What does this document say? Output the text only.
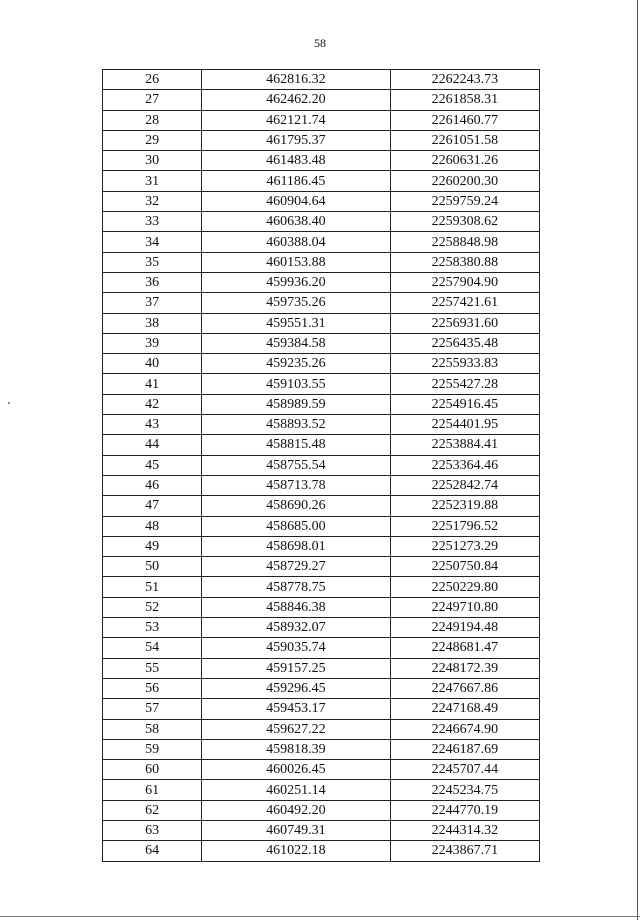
58
26	462816.32	2262243.73
27	462462.20	2261858.31
28	462121.74	2261460.77
29	461795.37	2261051.58
30	461483.48	2260631.26
31	461186.45	2260200.30
32	460904.64	2259759.24
33	460638.40	2259308.62
34	460388.04	2258848.98
35	460153.88	2258380.88
36	459936.20	2257904.90
37	459735.26	2257421.61
38	459551.31	2256931.60
39	459384.58	2256435.48
40	459235.26	2255933.83
41	459103.55	2255427.28
42	458989.59	2254916.45
43	458893.52	2254401.95
44	458815.48	2253884.41
45	458755.54	2253364.46
46	458713.78	2252842.74
47	458690.26	2252319.88
48	458685.00	2251796.52
49	458698.01	2251273.29
50	458729.27	2250750.84
51	458778.75	2250229.80
52	458846.38	2249710.80
53	458932.07	2249194.48
54	459035.74	2248681.47
55	459157.25	2248172.39
56	459296.45	2247667.86
57	459453.17	2247168.49
58	459627.22	2246674.90
59	459818.39	2246187.69
60	460026.45	2245707.44
61	460251.14	2245234.75
62	460492.20	2244770.19
63	460749.31	2244314.32
64	461022.18	2243867.71
